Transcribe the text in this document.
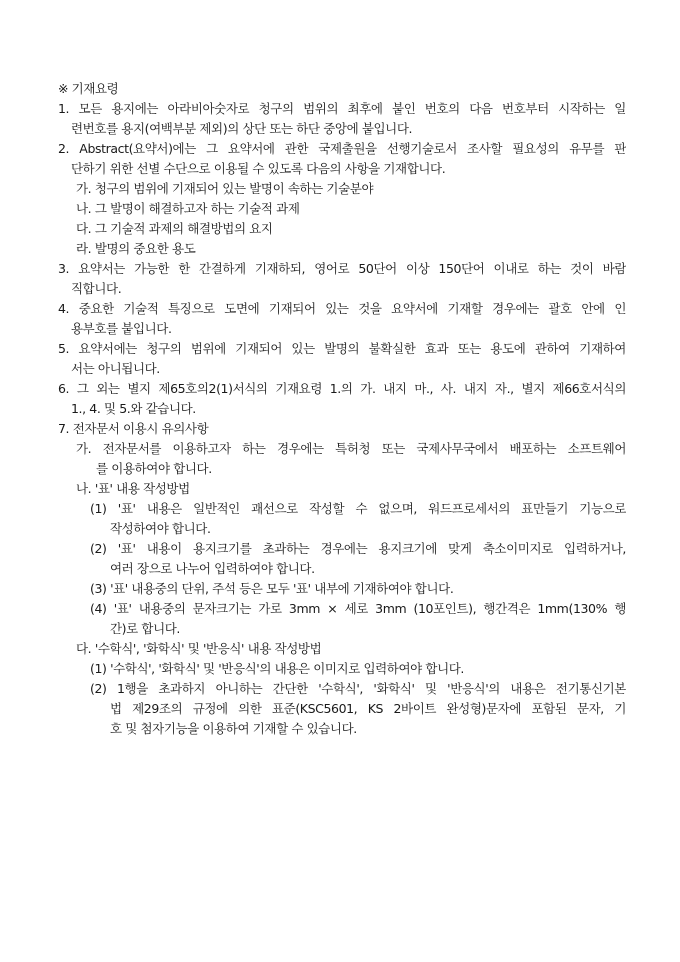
※ 기재요령
1. 모든 용지에는 아라비아숫자로 청구의 범위의 최후에 붙인 번호의 다음 번호부터 시작하는 일
련번호를 용지(여백부분 제외)의 상단 또는 하단 중앙에 붙입니다.
2. Abstract(요약서)에는 그 요약서에 관한 국제출원을 선행기술로서 조사할 필요성의 유무를 판
단하기 위한 선별 수단으로 이용될 수 있도록 다음의 사항을 기재합니다.
가. 청구의 범위에 기재되어 있는 발명이 속하는 기술분야
나. 그 발명이 해결하고자 하는 기술적 과제
다. 그 기술적 과제의 해결방법의 요지
라. 발명의 중요한 용도
3. 요약서는 가능한 한 간결하게 기재하되, 영어로 50단어 이상 150단어 이내로 하는 것이 바람
직합니다.
4. 중요한 기술적 특징으로 도면에 기재되어 있는 것을 요약서에 기재할 경우에는 괄호 안에 인
용부호를 붙입니다.
5. 요약서에는 청구의 범위에 기재되어 있는 발명의 불확실한 효과 또는 용도에 관하여 기재하여
서는 아니됩니다.
6. 그 외는 별지 제65호의2(1)서식의 기재요령 1.의 가. 내지 마., 사. 내지 자., 별지 제66호서식의
1., 4. 및 5.와 같습니다.
7. 전자문서 이용시 유의사항
가. 전자문서를 이용하고자 하는 경우에는 특허청 또는 국제사무국에서 배포하는 소프트웨어
를 이용하여야 합니다.
나. '표' 내용 작성방법
(1) '표' 내용은 일반적인 괘선으로 작성할 수 없으며, 워드프로세서의 표만들기 기능으로
작성하여야 합니다.
(2) '표' 내용이 용지크기를 초과하는 경우에는 용지크기에 맞게 축소이미지로 입력하거나,
여러 장으로 나누어 입력하여야 합니다.
(3) '표' 내용중의 단위, 주석 등은 모두 '표' 내부에 기재하여야 합니다.
(4) '표' 내용중의 문자크기는 가로 3mm × 세로 3mm (10포인트), 행간격은 1mm(130% 행
간)로 합니다.
다. '수학식', '화학식' 및 '반응식' 내용 작성방법
(1) '수학식', '화학식' 및 '반응식'의 내용은 이미지로 입력하여야 합니다.
(2) 1행을 초과하지 아니하는 간단한 '수학식', '화학식' 및 '반응식'의 내용은 전기통신기본
법 제29조의 규정에 의한 표준(KSC5601, KS 2바이트 완성형)문자에 포함된 문자, 기
호 및 첨자기능을 이용하여 기재할 수 있습니다.
